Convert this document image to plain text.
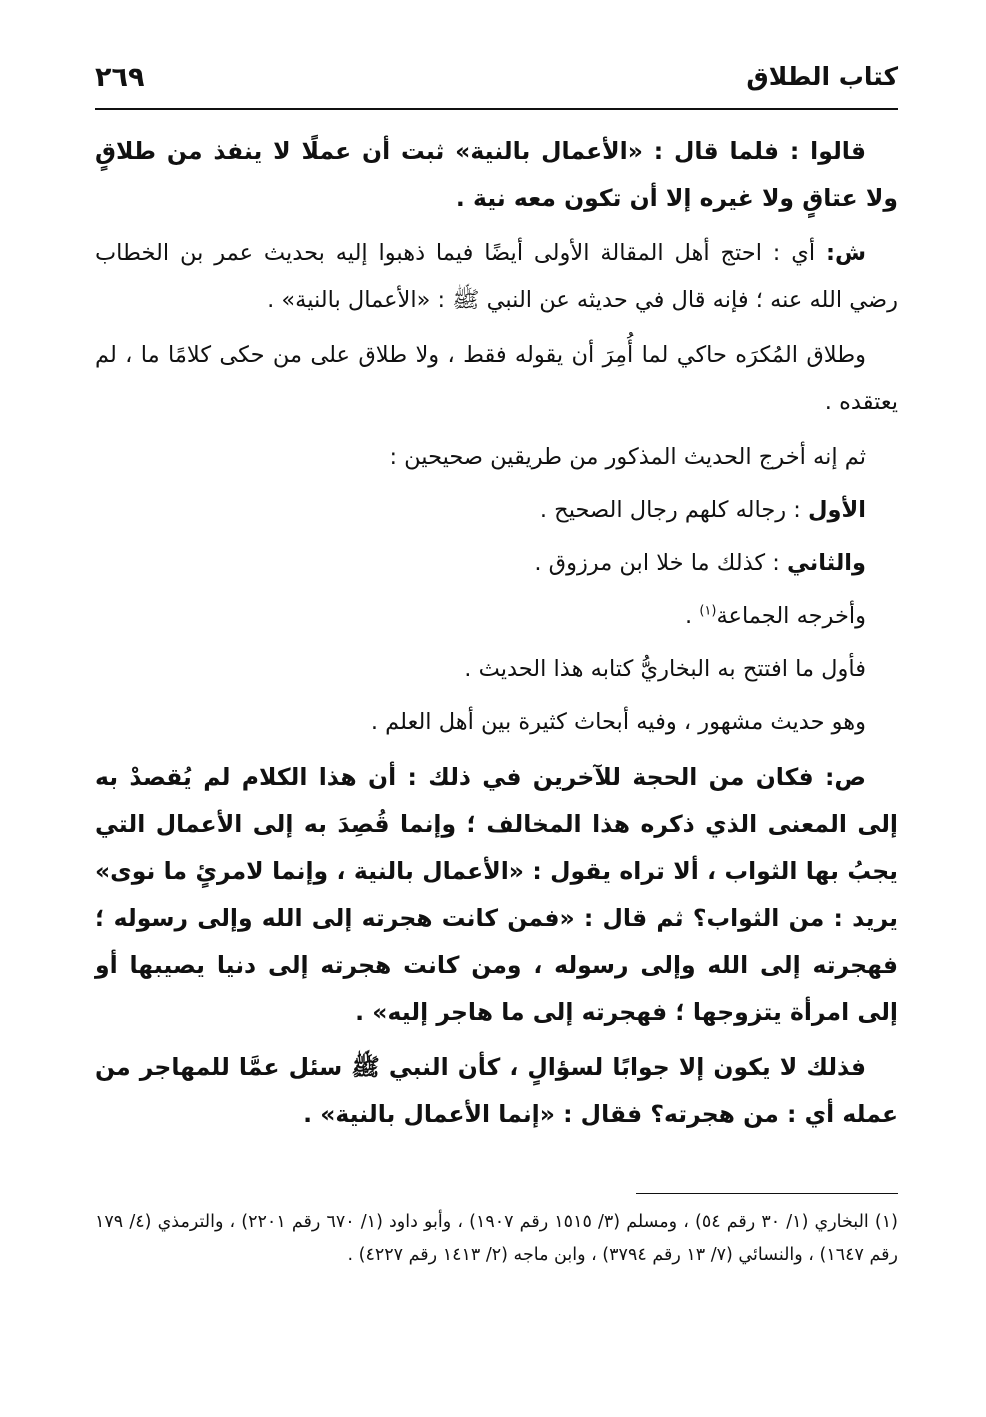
كتاب الطلاق
٢٦٩

قالوا : فلما قال : «الأعمال بالنية» ثبت أن عملًا لا ينفذ من طلاقٍ ولا عتاقٍ ولا غيره إلا أن تكون معه نية .

ش: أي : احتج أهل المقالة الأولى أيضًا فيما ذهبوا إليه بحديث عمر بن الخطاب رضي الله عنه ؛ فإنه قال في حديثه عن النبي ﷺ : «الأعمال بالنية» .

وطلاق المُكرَه حاكي لما أُمِرَ أن يقوله فقط ، ولا طلاق على من حكى كلامًا ما ، لم يعتقده .

ثم إنه أخرج الحديث المذكور من طريقين صحيحين :

الأول : رجاله كلهم رجال الصحيح .

والثاني : كذلك ما خلا ابن مرزوق .

وأخرجه الجماعة$^{(١)}$ .

فأول ما افتتح به البخاريُّ كتابه هذا الحديث .

وهو حديث مشهور ، وفيه أبحاث كثيرة بين أهل العلم .

ص: فكان من الحجة للآخرين في ذلك : أن هذا الكلام لم يُقصدْ به إلى المعنى الذي ذكره هذا المخالف ؛ وإنما قُصِدَ به إلى الأعمال التي يجبُ بها الثواب ، ألا تراه يقول : «الأعمال بالنية ، وإنما لامرئٍ ما نوى» يريد : من الثواب؟ ثم قال : «فمن كانت هجرته إلى الله وإلى رسوله ؛ فهجرته إلى الله وإلى رسوله ، ومن كانت هجرته إلى دنيا يصيبها أو إلى امرأة يتزوجها ؛ فهجرته إلى ما هاجر إليه» .

فذلك لا يكون إلا جوابًا لسؤالٍ ، كأن النبي ﷺ سئل عمَّا للمهاجر من عمله أي : من هجرته؟ فقال : «إنما الأعمال بالنية» .

(١) البخاري (١/ ٣٠ رقم ٥٤) ، ومسلم (٣/ ١٥١٥ رقم ١٩٠٧) ، وأبو داود (١/ ٦٧٠ رقم ٢٢٠١) ، والترمذي (٤/ ١٧٩ رقم ١٦٤٧) ، والنسائي (٧/ ١٣ رقم ٣٧٩٤) ، وابن ماجه (٢/ ١٤١٣ رقم ٤٢٢٧) .
